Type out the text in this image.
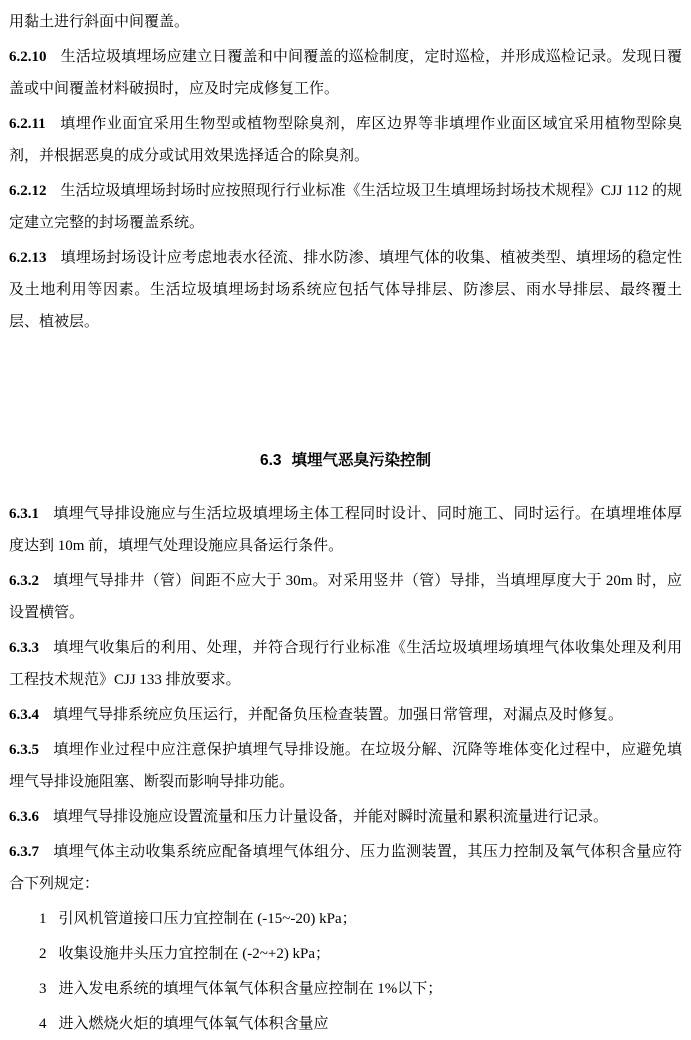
用黏土进行斜面中间覆盖。

6.2.10 生活垃圾填埋场应建立日覆盖和中间覆盖的巡检制度，定时巡检，并形成巡检记录。发现日覆盖或中间覆盖材料破损时，应及时完成修复工作。

6.2.11 填埋作业面宜采用生物型或植物型除臭剂，库区边界等非填埋作业面区域宜采用植物型除臭剂，并根据恶臭的成分或试用效果选择适合的除臭剂。

6.2.12 生活垃圾填埋场封场时应按照现行行业标准《生活垃圾卫生填埋场封场技术规程》CJJ 112 的规定建立完整的封场覆盖系统。

6.2.13 填埋场封场设计应考虑地表水径流、排水防渗、填埋气体的收集、植被类型、填埋场的稳定性及土地利用等因素。生活垃圾填埋场封场系统应包括气体导排层、防渗层、雨水导排层、最终覆土层、植被层。

6.3 填埋气恶臭污染控制

6.3.1 填埋气导排设施应与生活垃圾填埋场主体工程同时设计、同时施工、同时运行。在填埋堆体厚度达到 10m 前，填埋气处理设施应具备运行条件。

6.3.2 填埋气导排井（管）间距不应大于 30m。对采用竖井（管）导排，当填埋厚度大于 20m 时，应设置横管。

6.3.3 填埋气收集后的利用、处理，并符合现行行业标准《生活垃圾填埋场填埋气体收集处理及利用工程技术规范》CJJ 133 排放要求。

6.3.4 填埋气导排系统应负压运行，并配备负压检查装置。加强日常管理，对漏点及时修复。

6.3.5 填埋作业过程中应注意保护填埋气导排设施。在垃圾分解、沉降等堆体变化过程中，应避免填埋气导排设施阻塞、断裂而影响导排功能。

6.3.6 填埋气导排设施应设置流量和压力计量设备，并能对瞬时流量和累积流量进行记录。

6.3.7 填埋气体主动收集系统应配备填埋气体组分、压力监测装置，其压力控制及氧气体积含量应符合下列规定：

1 引风机管道接口压力宜控制在 (-15~-20) kPa；

2 收集设施井头压力宜控制在 (-2~+2) kPa；

3 进入发电系统的填埋气体氧气体积含量应控制在 1%以下；

4 进入燃烧火炬的填埋气体氧气体积含量应
